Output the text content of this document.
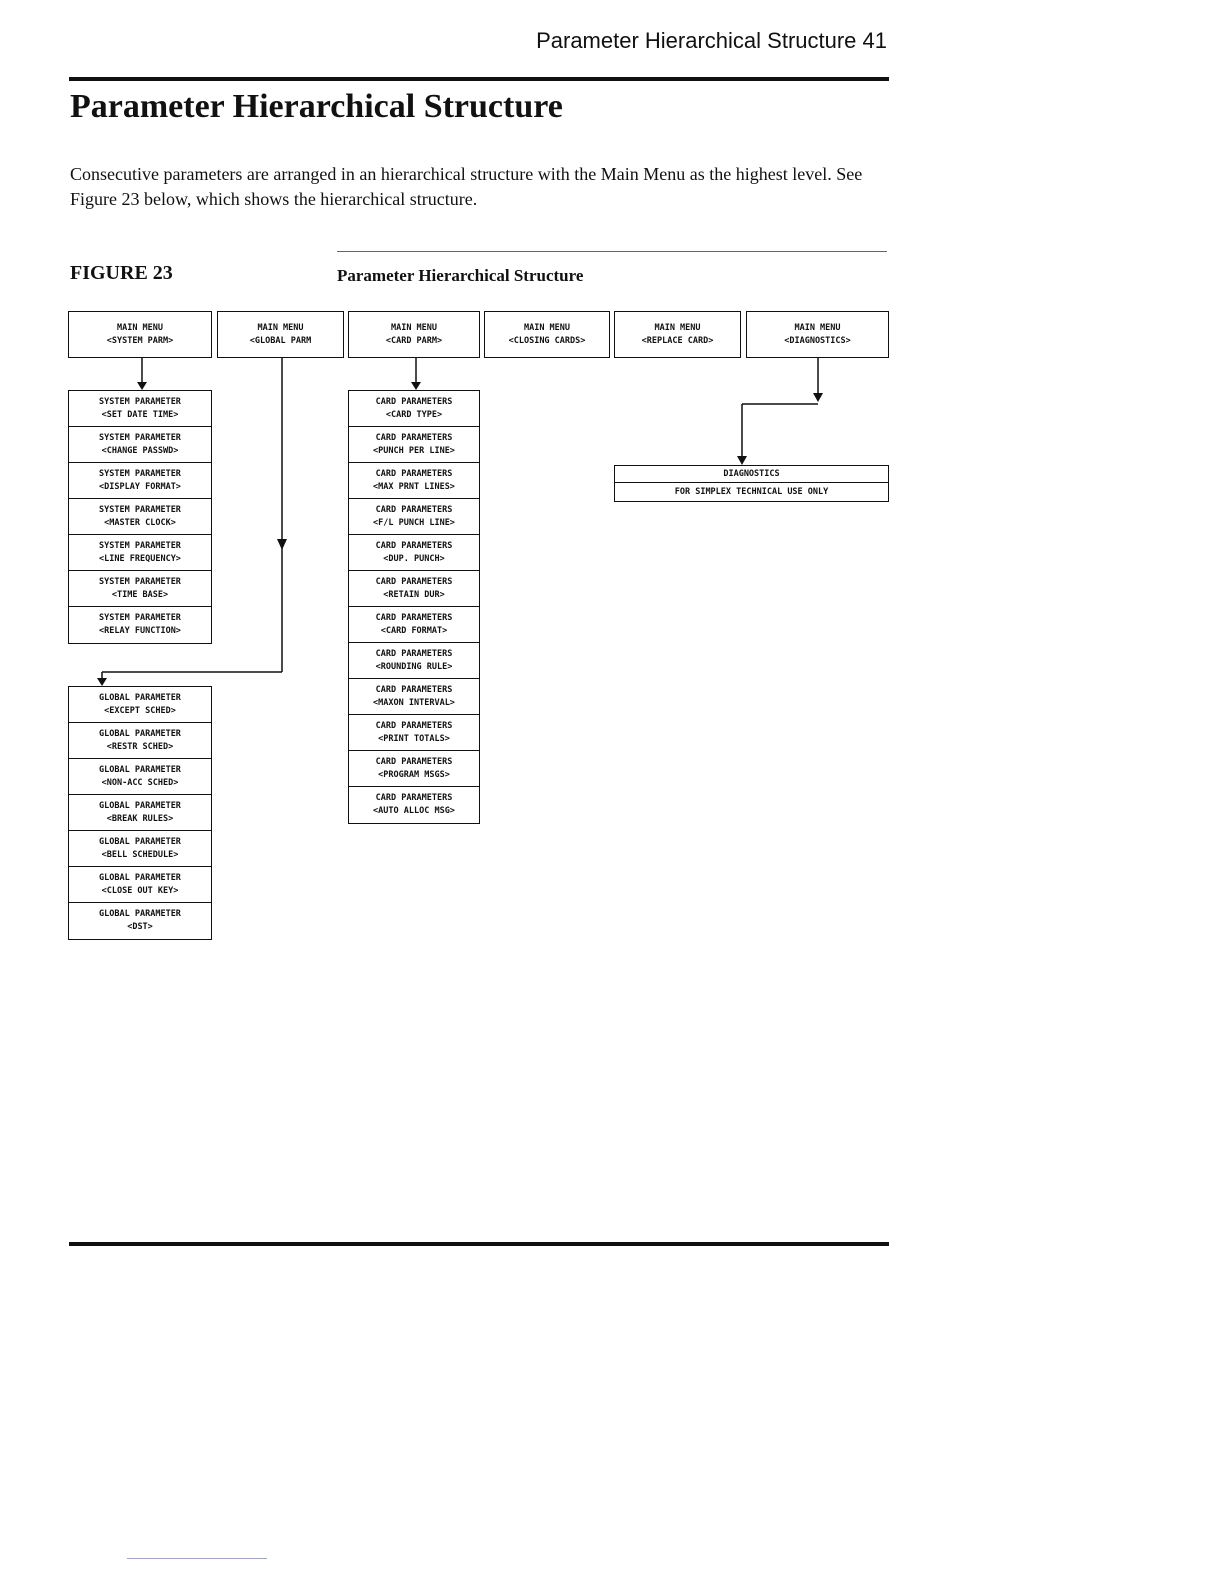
Parameter Hierarchical Structure 41
Parameter Hierarchical Structure
Consecutive parameters are arranged in an hierarchical structure with the Main Menu as the highest level. See Figure 23 below, which shows the hierarchical structure.
FIGURE 23	Parameter Hierarchical Structure
MAIN MENU
<SYSTEM PARM>
MAIN MENU
<GLOBAL PARM
MAIN MENU
<CARD PARM>
MAIN MENU
<CLOSING CARDS>
MAIN MENU
<REPLACE CARD>
MAIN MENU
<DIAGNOSTICS>
SYSTEM PARAMETER
<SET DATE TIME>
SYSTEM PARAMETER
<CHANGE PASSWD>
SYSTEM PARAMETER
<DISPLAY FORMAT>
SYSTEM PARAMETER
<MASTER CLOCK>
SYSTEM PARAMETER
<LINE FREQUENCY>
SYSTEM PARAMETER
<TIME BASE>
SYSTEM PARAMETER
<RELAY FUNCTION>
GLOBAL PARAMETER
<EXCEPT SCHED>
GLOBAL PARAMETER
<RESTR SCHED>
GLOBAL PARAMETER
<NON-ACC SCHED>
GLOBAL PARAMETER
<BREAK RULES>
GLOBAL PARAMETER
<BELL SCHEDULE>
GLOBAL PARAMETER
<CLOSE OUT KEY>
GLOBAL PARAMETER
<DST>
CARD PARAMETERS
<CARD TYPE>
CARD PARAMETERS
<PUNCH PER LINE>
CARD PARAMETERS
<MAX PRNT LINES>
CARD PARAMETERS
<F/L PUNCH LINE>
CARD PARAMETERS
<DUP. PUNCH>
CARD PARAMETERS
<RETAIN DUR>
CARD PARAMETERS
<CARD FORMAT>
CARD PARAMETERS
<ROUNDING RULE>
CARD PARAMETERS
<MAXON INTERVAL>
CARD PARAMETERS
<PRINT TOTALS>
CARD PARAMETERS
<PROGRAM MSGS>
CARD PARAMETERS
<AUTO ALLOC MSG>
DIAGNOSTICS
FOR SIMPLEX TECHNICAL USE ONLY
